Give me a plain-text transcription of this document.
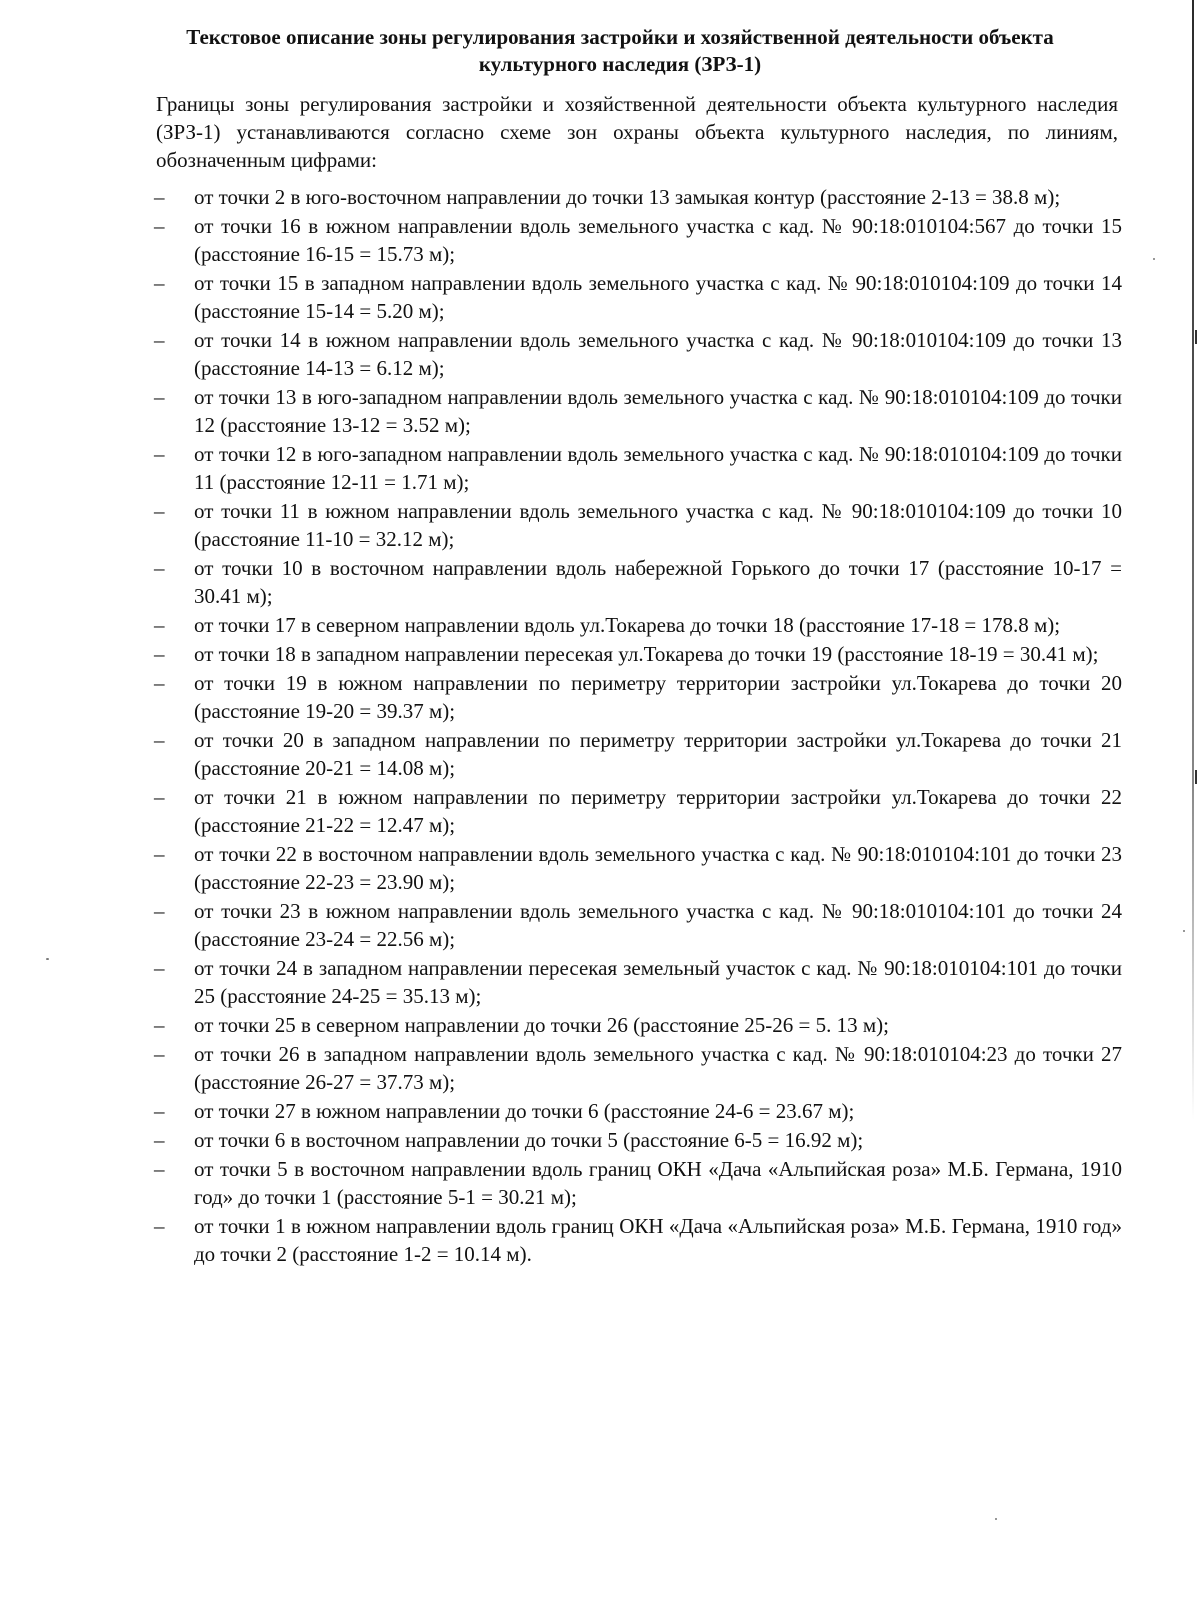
Текстовое описание зоны регулирования застройки и хозяйственной деятельности объекта культурного наследия (ЗРЗ-1)
Границы зоны регулирования застройки и хозяйственной деятельности объекта культурного наследия (ЗРЗ-1) устанавливаются согласно схеме зон охраны объекта культурного наследия, по линиям, обозначенным цифрами:
– от точки 2 в юго-восточном направлении до точки 13 замыкая контур (расстояние 2-13 = 38.8 м);
– от точки 16 в южном направлении вдоль земельного участка с кад. № 90:18:010104:567 до точки 15 (расстояние 16-15 = 15.73 м);
– от точки 15 в западном направлении вдоль земельного участка с кад. № 90:18:010104:109 до точки 14 (расстояние 15-14 = 5.20 м);
– от точки 14 в южном направлении вдоль земельного участка с кад. № 90:18:010104:109 до точки 13 (расстояние 14-13 = 6.12 м);
– от точки 13 в юго-западном направлении вдоль земельного участка с кад. № 90:18:010104:109 до точки 12 (расстояние 13-12 = 3.52 м);
– от точки 12 в юго-западном направлении вдоль земельного участка с кад. № 90:18:010104:109 до точки 11 (расстояние 12-11 = 1.71 м);
– от точки 11 в южном направлении вдоль земельного участка с кад. № 90:18:010104:109 до точки 10 (расстояние 11-10 = 32.12 м);
– от точки 10 в восточном направлении вдоль набережной Горького до точки 17 (расстояние 10-17 = 30.41 м);
– от точки 17 в северном направлении вдоль ул.Токарева до точки 18 (расстояние 17-18 = 178.8 м);
– от точки 18 в западном направлении пересекая ул.Токарева до точки 19 (расстояние 18-19 = 30.41 м);
– от точки 19 в южном направлении по периметру территории застройки ул.Токарева до точки 20 (расстояние 19-20 = 39.37 м);
– от точки 20 в западном направлении по периметру территории застройки ул.Токарева до точки 21 (расстояние 20-21 = 14.08 м);
– от точки 21 в южном направлении по периметру территории застройки ул.Токарева до точки 22 (расстояние 21-22 = 12.47 м);
– от точки 22 в восточном направлении вдоль земельного участка с кад. № 90:18:010104:101 до точки 23 (расстояние 22-23 = 23.90 м);
– от точки 23 в южном направлении вдоль земельного участка с кад. № 90:18:010104:101 до точки 24 (расстояние 23-24 = 22.56 м);
– от точки 24 в западном направлении пересекая земельный участок с кад. № 90:18:010104:101 до точки 25 (расстояние 24-25 = 35.13 м);
– от точки 25 в северном направлении до точки 26 (расстояние 25-26 = 5. 13 м);
– от точки 26 в западном направлении вдоль земельного участка с кад. № 90:18:010104:23 до точки 27 (расстояние 26-27 = 37.73 м);
– от точки 27 в южном направлении до точки 6 (расстояние 24-6 = 23.67 м);
– от точки 6 в восточном направлении до точки 5 (расстояние 6-5 = 16.92 м);
– от точки 5 в восточном направлении вдоль границ ОКН «Дача «Альпийская роза» М.Б. Германа, 1910 год» до точки 1 (расстояние 5-1 = 30.21 м);
– от точки 1 в южном направлении вдоль границ ОКН «Дача «Альпийская роза» М.Б. Германа, 1910 год» до точки 2 (расстояние 1-2 = 10.14 м).
